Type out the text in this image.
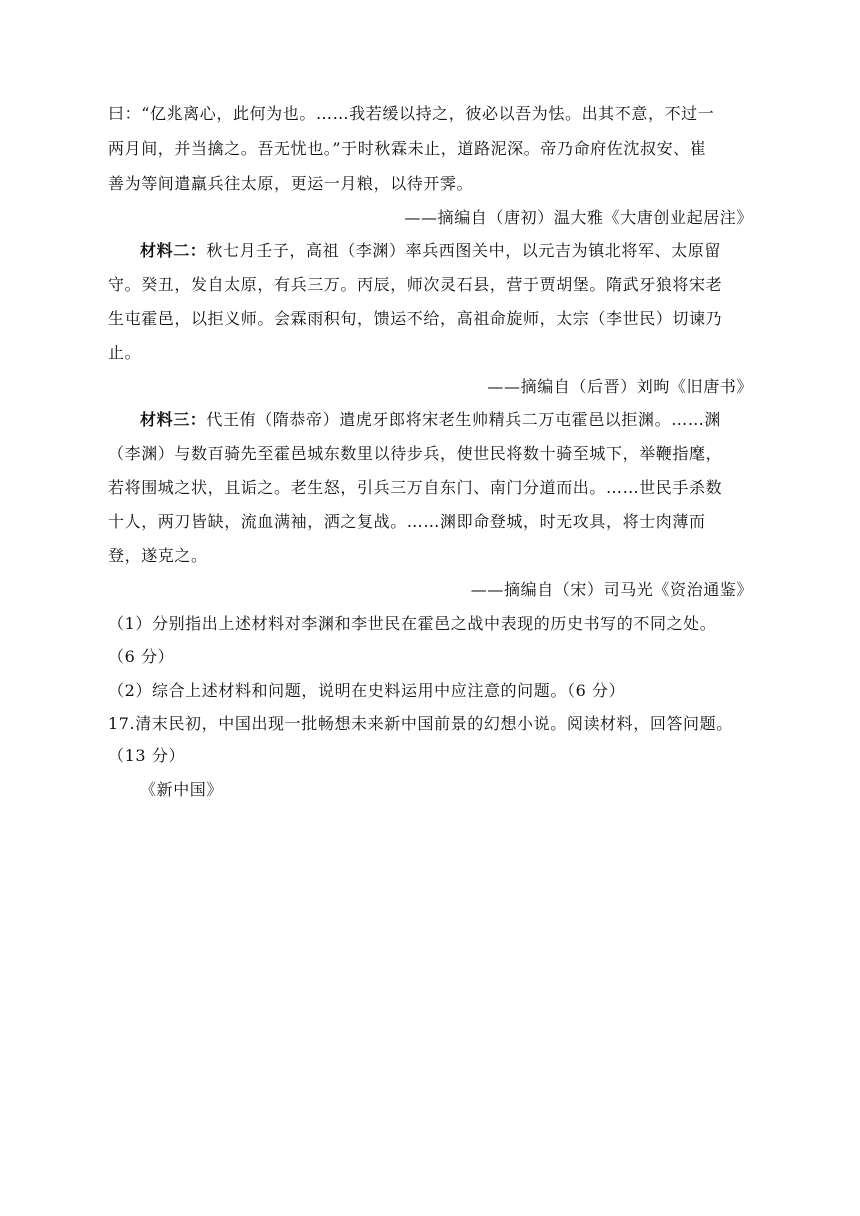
曰：“亿兆离心，此何为也。……我若缓以持之，彼必以吾为怯。出其不意，不过一
两月间，并当擒之。吾无忧也。”于时秋霖未止，道路泥深。帝乃命府佐沈叔安、崔
善为等间遣羸兵往太原，更运一月粮，以待开霁。
——摘编自（唐初）温大雅《大唐创业起居注》
材料二：秋七月壬子，高祖（李渊）率兵西图关中，以元吉为镇北将军、太原留
守。癸丑，发自太原，有兵三万。丙辰，师次灵石县，营于贾胡堡。隋武牙狼将宋老
生屯霍邑，以拒义师。会霖雨积旬，馈运不给，高祖命旋师，太宗（李世民）切谏乃
止。
——摘编自（后晋）刘昫《旧唐书》
材料三：代王侑（隋恭帝）遣虎牙郎将宋老生帅精兵二万屯霍邑以拒渊。……渊
（李渊）与数百骑先至霍邑城东数里以待步兵，使世民将数十骑至城下，举鞭指麾，
若将围城之状，且诟之。老生怒，引兵三万自东门、南门分道而出。……世民手杀数
十人，两刀皆缺，流血满袖，洒之复战。……渊即命登城，时无攻具，将士肉薄而
登，遂克之。
——摘编自（宋）司马光《资治通鉴》
（1）分别指出上述材料对李渊和李世民在霍邑之战中表现的历史书写的不同之处。
（6 分）
（2）综合上述材料和问题，说明在史料运用中应注意的问题。（6 分）
17.清末民初，中国出现一批畅想未来新中国前景的幻想小说。阅读材料，回答问题。
（13 分）
《新中国》
